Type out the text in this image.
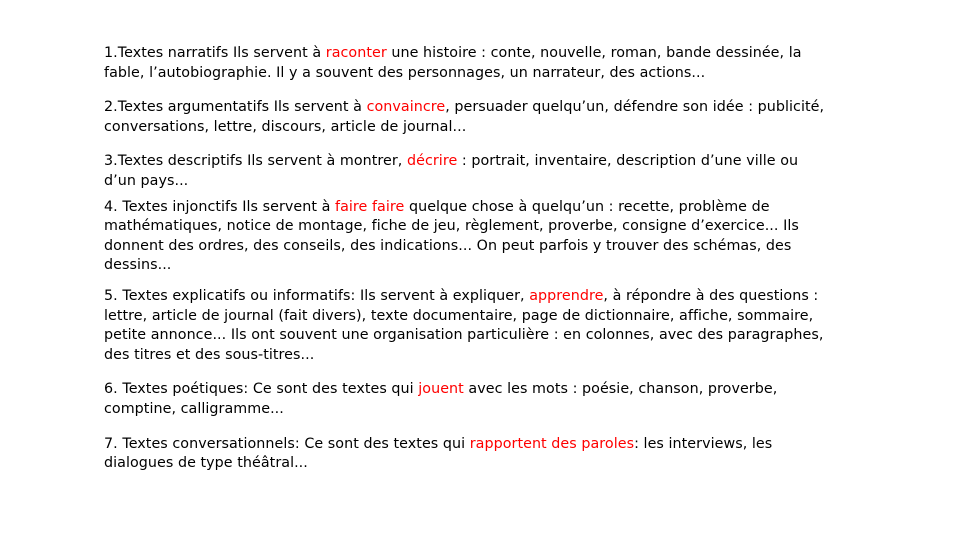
1.Textes narratifs Ils servent à raconter une histoire : conte, nouvelle, roman, bande dessinée, la fable, l’autobiographie. Il y a souvent des personnages, un narrateur, des actions...

2.Textes argumentatifs Ils servent à convaincre, persuader quelqu’un, défendre son idée : publicité, conversations, lettre, discours, article de journal...

3.Textes descriptifs Ils servent à montrer, décrire : portrait, inventaire, description d’une ville ou d’un pays...

4. Textes injonctifs Ils servent à faire faire quelque chose à quelqu’un : recette, problème de mathématiques, notice de montage, fiche de jeu, règlement, proverbe, consigne d’exercice... Ils donnent des ordres, des conseils, des indications... On peut parfois y trouver des schémas, des dessins...

5. Textes explicatifs ou informatifs: Ils servent à expliquer, apprendre, à répondre à des questions : lettre, article de journal (fait divers), texte documentaire, page de dictionnaire, affiche, sommaire, petite annonce... Ils ont souvent une organisation particulière : en colonnes, avec des paragraphes, des titres et des sous-titres...

6. Textes poétiques: Ce sont des textes qui jouent avec les mots : poésie, chanson, proverbe, comptine, calligramme...

7. Textes conversationnels: Ce sont des textes qui rapportent des paroles: les interviews, les dialogues de type théâtral...
